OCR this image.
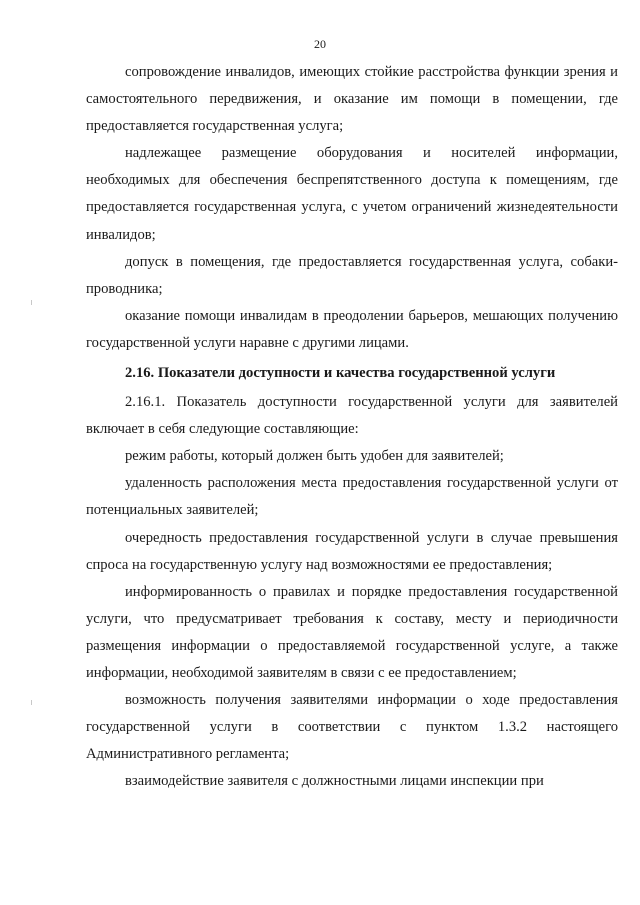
20

сопровождение инвалидов, имеющих стойкие расстройства функции зрения и самостоятельного передвижения, и оказание им помощи в помещении, где предоставляется государственная услуга;

надлежащее размещение оборудования и носителей информации, необходимых для обеспечения беспрепятственного доступа к помещениям, где предоставляется государственная услуга, с учетом ограничений жизнедеятельности инвалидов;

допуск в помещения, где предоставляется государственная услуга, собаки-проводника;

оказание помощи инвалидам в преодолении барьеров, мешающих получению государственной услуги наравне с другими лицами.

2.16. Показатели доступности и качества государственной услуги

2.16.1. Показатель доступности государственной услуги для заявителей включает в себя следующие составляющие:

режим работы, который должен быть удобен для заявителей;

удаленность расположения места предоставления государственной услуги от потенциальных заявителей;

очередность предоставления государственной услуги в случае превышения спроса на государственную услугу над возможностями ее предоставления;

информированность о правилах и порядке предоставления государственной услуги, что предусматривает требования к составу, месту и периодичности размещения информации о предоставляемой государственной услуге, а также информации, необходимой заявителям в связи с ее предоставлением;

возможность получения заявителями информации о ходе предоставления государственной услуги в соответствии с пунктом 1.3.2 настоящего Административного регламента;

взаимодействие заявителя с должностными лицами инспекции при
